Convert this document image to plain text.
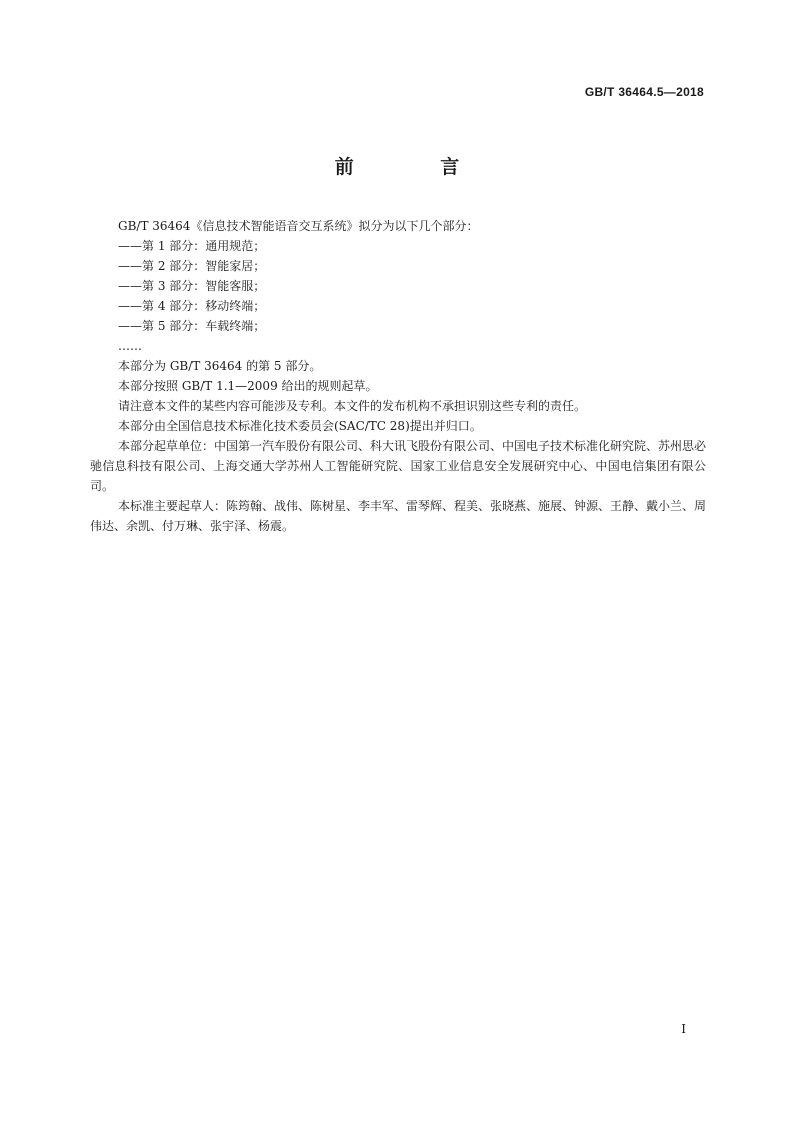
GB/T 36464.5—2018
前 言

GB/T 36464《信息技术智能语音交互系统》拟分为以下几个部分：

——第 1 部分：通用规范；

——第 2 部分：智能家居；

——第 3 部分：智能客服；

——第 4 部分：移动终端；

——第 5 部分：车载终端；

……

本部分为 GB/T 36464 的第 5 部分。

本部分按照 GB/T 1.1—2009 给出的规则起草。

请注意本文件的某些内容可能涉及专利。本文件的发布机构不承担识别这些专利的责任。

本部分由全国信息技术标准化技术委员会(SAC/TC 28)提出并归口。

本部分起草单位：中国第一汽车股份有限公司、科大讯飞股份有限公司、中国电子技术标准化研究院、苏州思必驰信息科技有限公司、上海交通大学苏州人工智能研究院、国家工业信息安全发展研究中心、中国电信集团有限公司。

本标准主要起草人：陈筠翰、战伟、陈树星、李丰军、雷琴辉、程美、张晓燕、施展、钟源、王静、戴小兰、周伟达、余凯、付万琳、张宇泽、杨震。

I
